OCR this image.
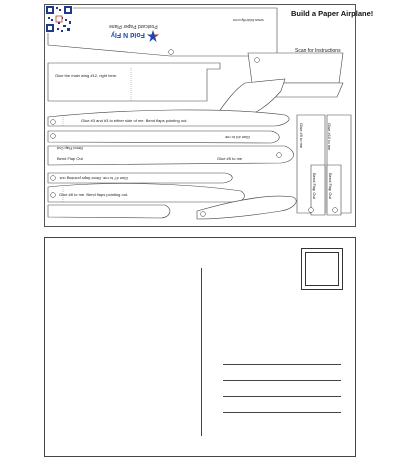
Build a Paper Airplane!
www.foldnfly.com
Scan for Instructions
Fold N Fly
Postcard Paper Plane
Glue the main wing #12, right here.
Glue #3 and #3 to either side of me. Bend flaps pointing out.
Glue #4 to me
Glue #5 to me
Bend Flap Out
Bend Flap Out
Glue #7 to me. Bend flaps pointing out.
Glue #8 to me. Bend flaps pointing out.
Glue #9 to me	Glue #10 to me
Bend Flap Out	Bend Flap Out
